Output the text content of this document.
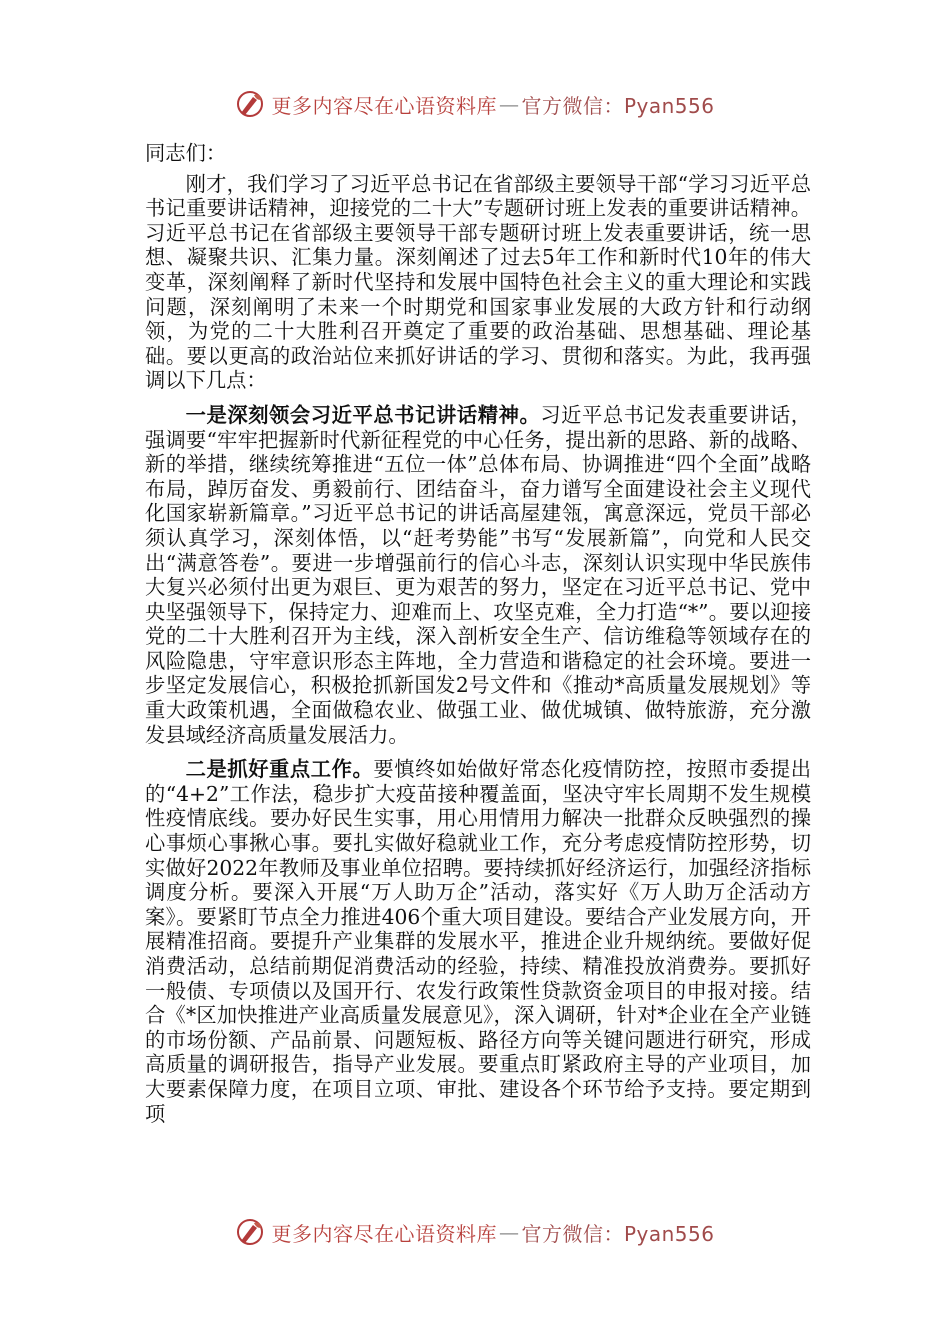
更多内容尽在心语资料库 — 官方微信：Pyan556

同志们：

刚才，我们学习了习近平总书记在省部级主要领导干部“学习习近平总书记重要讲话精神，迎接党的二十大”专题研讨班上发表的重要讲话精神。习近平总书记在省部级主要领导干部专题研讨班上发表重要讲话，统一思想、凝聚共识、汇集力量。深刻阐述了过去5年工作和新时代10年的伟大变革，深刻阐释了新时代坚持和发展中国特色社会主义的重大理论和实践问题，深刻阐明了未来一个时期党和国家事业发展的大政方针和行动纲领，为党的二十大胜利召开奠定了重要的政治基础、思想基础、理论基础。要以更高的政治站位来抓好讲话的学习、贯彻和落实。为此，我再强调以下几点：

一是深刻领会习近平总书记讲话精神。习近平总书记发表重要讲话，强调要“牢牢把握新时代新征程党的中心任务，提出新的思路、新的战略、新的举措，继续统筹推进“五位一体”总体布局、协调推进“四个全面”战略布局，踔厉奋发、勇毅前行、团结奋斗，奋力谱写全面建设社会主义现代化国家崭新篇章。”习近平总书记的讲话高屋建瓴，寓意深远，党员干部必须认真学习，深刻体悟，以“赶考势能”书写“发展新篇”，向党和人民交出“满意答卷”。要进一步增强前行的信心斗志，深刻认识实现中华民族伟大复兴必须付出更为艰巨、更为艰苦的努力，坚定在习近平总书记、党中央坚强领导下，保持定力、迎难而上、攻坚克难，全力打造“*”。要以迎接党的二十大胜利召开为主线，深入剖析安全生产、信访维稳等领域存在的风险隐患，守牢意识形态主阵地，全力营造和谐稳定的社会环境。要进一步坚定发展信心，积极抢抓新国发2号文件和《推动*高质量发展规划》等重大政策机遇，全面做稳农业、做强工业、做优城镇、做特旅游，充分激发县域经济高质量发展活力。

二是抓好重点工作。要慎终如始做好常态化疫情防控，按照市委提出的“4+2”工作法，稳步扩大疫苗接种覆盖面，坚决守牢长周期不发生规模性疫情底线。要办好民生实事，用心用情用力解决一批群众反映强烈的操心事烦心事揪心事。要扎实做好稳就业工作，充分考虑疫情防控形势，切实做好2022年教师及事业单位招聘。要持续抓好经济运行，加强经济指标调度分析。要深入开展“万人助万企”活动，落实好《万人助万企活动方案》。要紧盯节点全力推进406个重大项目建设。要结合产业发展方向，开展精准招商。要提升产业集群的发展水平，推进企业升规纳统。要做好促消费活动，总结前期促消费活动的经验，持续、精准投放消费券。要抓好一般债、专项债以及国开行、农发行政策性贷款资金项目的申报对接。结合《*区加快推进产业高质量发展意见》，深入调研，针对*企业在全产业链的市场份额、产品前景、问题短板、路径方向等关键问题进行研究，形成高质量的调研报告，指导产业发展。要重点盯紧政府主导的产业项目，加大要素保障力度，在项目立项、审批、建设各个环节给予支持。要定期到项

更多内容尽在心语资料库 — 官方微信：Pyan556
